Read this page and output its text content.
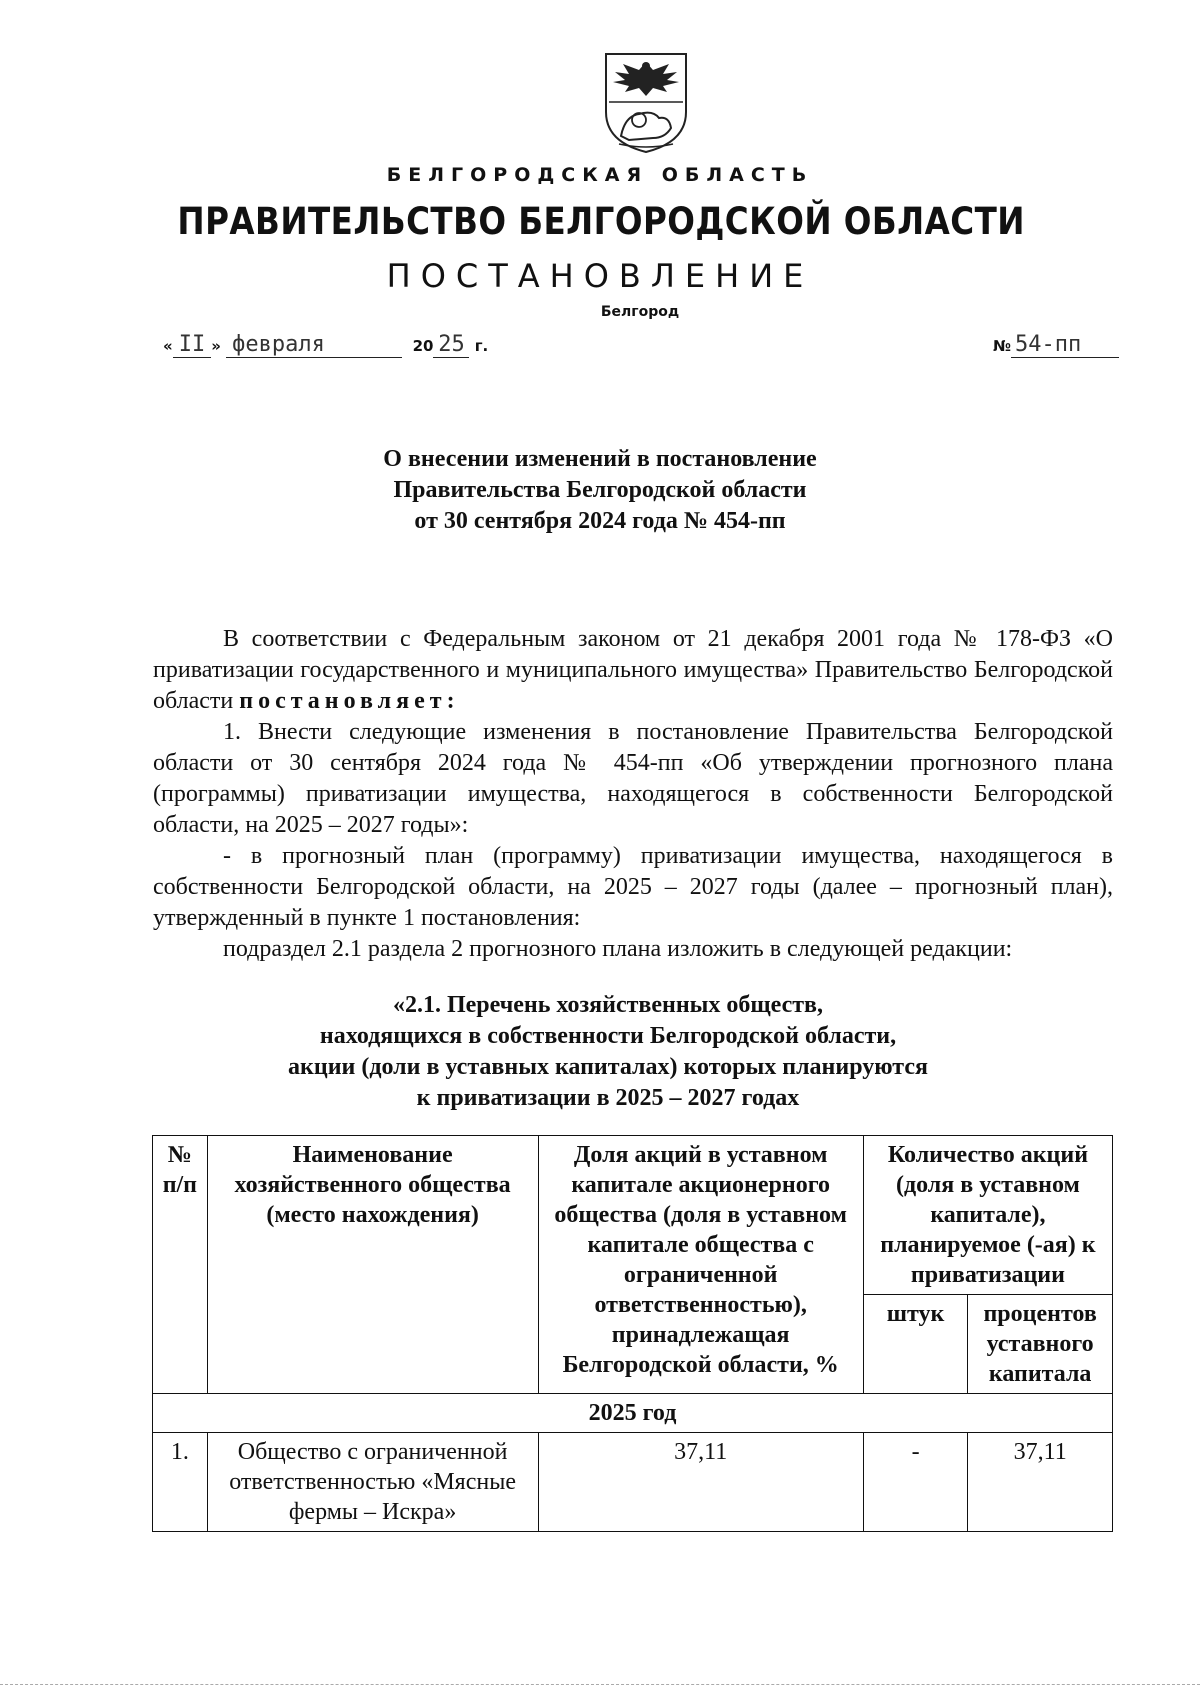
БЕЛГОРОДСКАЯ ОБЛАСТЬ
ПРАВИТЕЛЬСТВО БЕЛГОРОДСКОЙ ОБЛАСТИ
ПОСТАНОВЛЕНИЕ
Белгород
« II » февраля	20 25 г.	№ 54-пп
О внесении изменений в постановление
Правительства Белгородской области
от 30 сентября 2024 года № 454-пп

В соответствии с Федеральным законом от 21 декабря 2001 года № 178-ФЗ «О приватизации государственного и муниципального имущества» Правительство Белгородской области постановляет:

1. Внести следующие изменения в постановление Правительства Белгородской области от 30 сентября 2024 года № 454-пп «Об утверждении прогнозного плана (программы) приватизации имущества, находящегося в собственности Белгородской области, на 2025 – 2027 годы»:

- в прогнозный план (программу) приватизации имущества, находящегося в собственности Белгородской области, на 2025 – 2027 годы (далее – прогнозный план), утвержденный в пункте 1 постановления:

подраздел 2.1 раздела 2 прогнозного плана изложить в следующей редакции:

«2.1. Перечень хозяйственных обществ,
находящихся в собственности Белгородской области,
акции (доли в уставных капиталах) которых планируются
к приватизации в 2025 – 2027 годах
№ п/п	Наименование хозяйственного общества (место нахождения)	Доля акций в уставном капитале акционерного общества (доля в уставном капитале общества с ограниченной ответственностью), принадлежащая Белгородской области, %	Количество акций (доля в уставном капитале), планируемое (-ая) к приватизации	
			штук	процентов уставного капитала
2025 год				
1.	Общество с ограниченной ответственностью «Мясные фермы – Искра»	37,11	-	37,11
